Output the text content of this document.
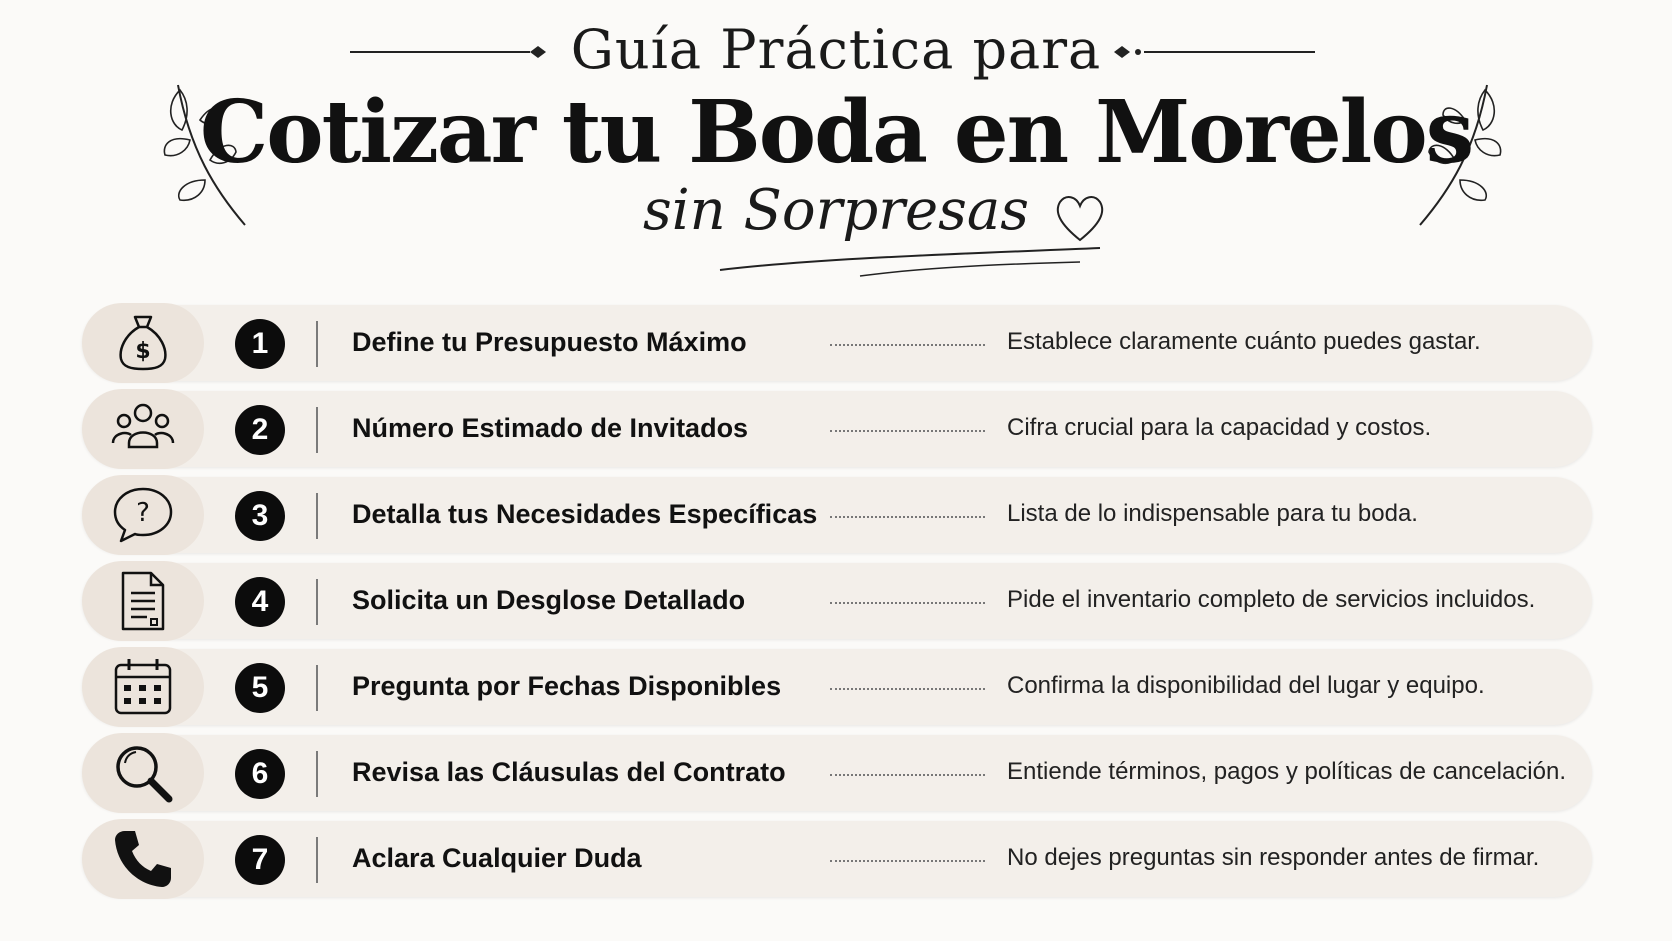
Guía Práctica para
Cotizar tu Boda en Morelos
sin Sorpresas
$	1	Define tu Presupuesto Máximo	Establece claramente cuánto puedes gastar.
2	Número Estimado de Invitados	Cifra crucial para la capacidad y costos.
?	3	Detalla tus Necesidades Específicas	Lista de lo indispensable para tu boda.
4	Solicita un Desglose Detallado	Pide el inventario completo de servicios incluidos.
5	Pregunta por Fechas Disponibles	Confirma la disponibilidad del lugar y equipo.
6	Revisa las Cláusulas del Contrato	Entiende términos, pagos y políticas de cancelación.
7	Aclara Cualquier Duda	No dejes preguntas sin responder antes de firmar.
